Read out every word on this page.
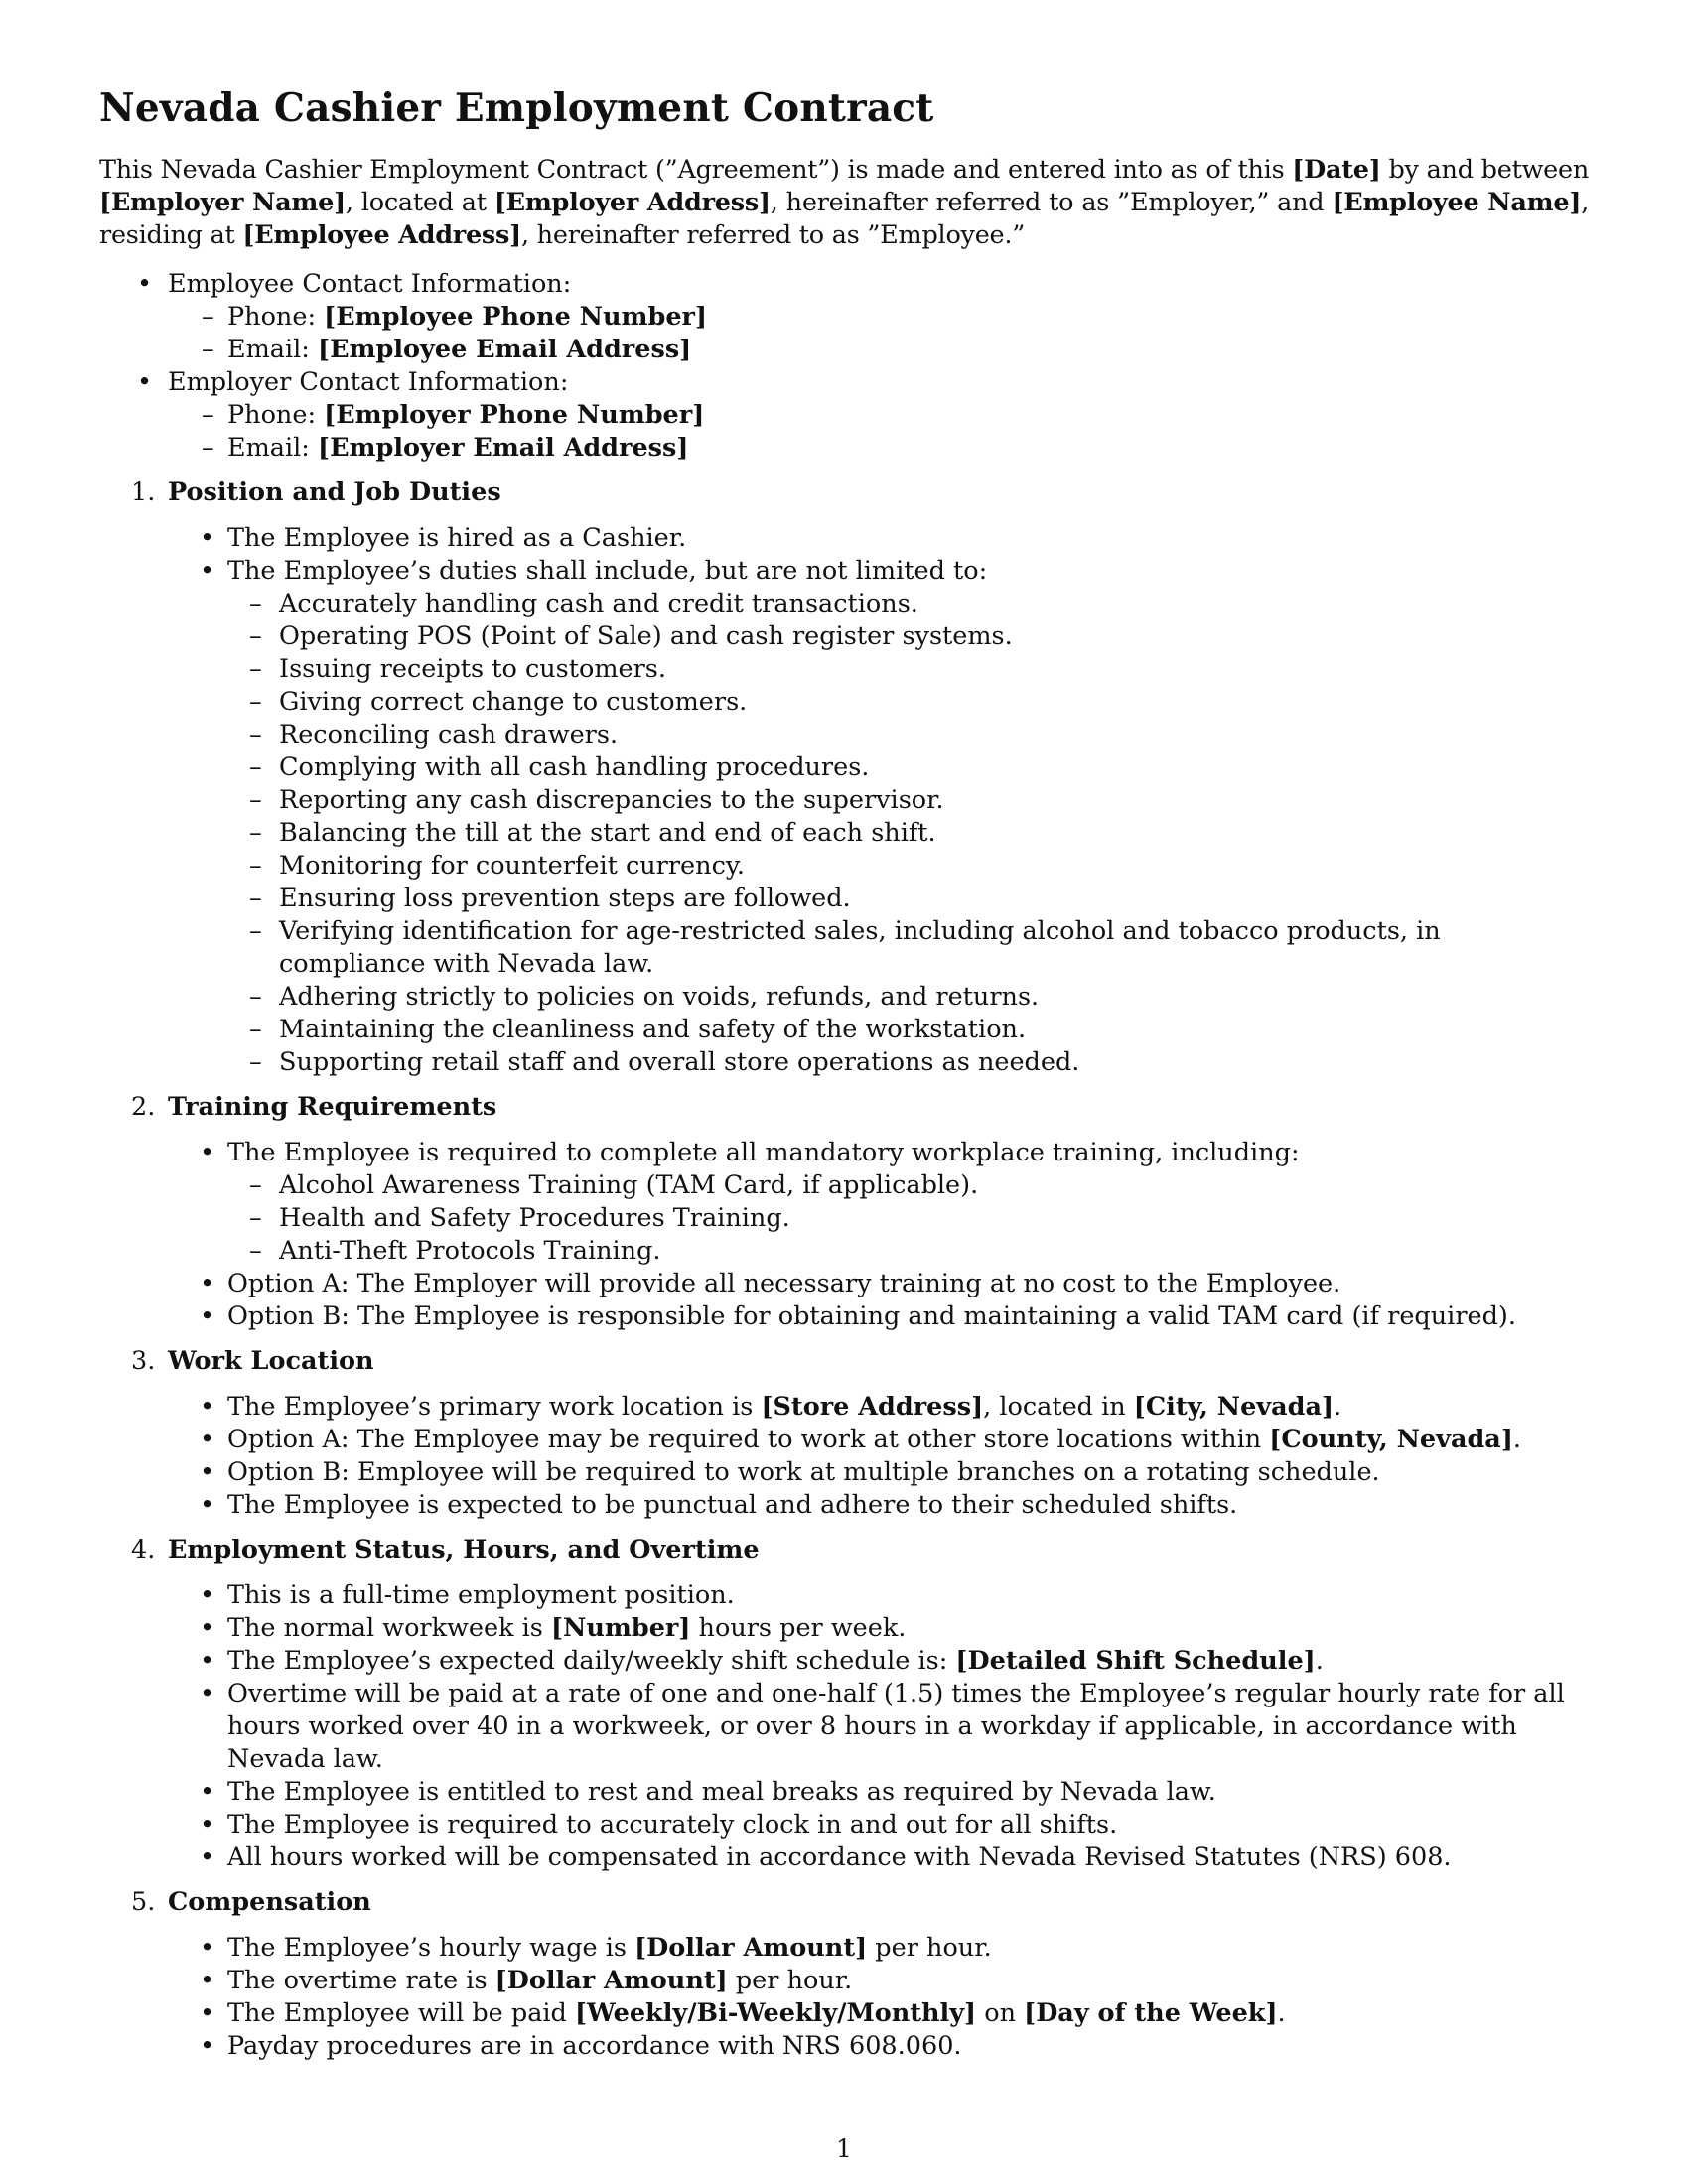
Nevada Cashier Employment Contract

This Nevada Cashier Employment Contract (”Agreement”) is made and entered into as of this [Date] by and between [Employer Name], located at [Employer Address], hereinafter referred to as ”Employer,” and [Employee Name], residing at [Employee Address], hereinafter referred to as ”Employee.”

• Employee Contact Information:
– Phone: [Employee Phone Number]
– Email: [Employee Email Address]
• Employer Contact Information:
– Phone: [Employer Phone Number]
– Email: [Employer Email Address]
1. Position and Job Duties
• The Employee is hired as a Cashier.
• The Employee’s duties shall include, but are not limited to:
– Accurately handling cash and credit transactions.
– Operating POS (Point of Sale) and cash register systems.
– Issuing receipts to customers.
– Giving correct change to customers.
– Reconciling cash drawers.
– Complying with all cash handling procedures.
– Reporting any cash discrepancies to the supervisor.
– Balancing the till at the start and end of each shift.
– Monitoring for counterfeit currency.
– Ensuring loss prevention steps are followed.
– Verifying identification for age-restricted sales, including alcohol and tobacco products, in compliance with Nevada law.
– Adhering strictly to policies on voids, refunds, and returns.
– Maintaining the cleanliness and safety of the workstation.
– Supporting retail staff and overall store operations as needed.
2. Training Requirements
• The Employee is required to complete all mandatory workplace training, including:
– Alcohol Awareness Training (TAM Card, if applicable).
– Health and Safety Procedures Training.
– Anti-Theft Protocols Training.
• Option A: The Employer will provide all necessary training at no cost to the Employee.
• Option B: The Employee is responsible for obtaining and maintaining a valid TAM card (if required).
3. Work Location
• The Employee’s primary work location is [Store Address], located in [City, Nevada].
• Option A: The Employee may be required to work at other store locations within [County, Nevada].
• Option B: Employee will be required to work at multiple branches on a rotating schedule.
• The Employee is expected to be punctual and adhere to their scheduled shifts.
4. Employment Status, Hours, and Overtime
• This is a full-time employment position.
• The normal workweek is [Number] hours per week.
• The Employee’s expected daily/weekly shift schedule is: [Detailed Shift Schedule].
• Overtime will be paid at a rate of one and one-half (1.5) times the Employee’s regular hourly rate for all hours worked over 40 in a workweek, or over 8 hours in a workday if applicable, in accordance with Nevada law.
• The Employee is entitled to rest and meal breaks as required by Nevada law.
• The Employee is required to accurately clock in and out for all shifts.
• All hours worked will be compensated in accordance with Nevada Revised Statutes (NRS) 608.
5. Compensation
• The Employee’s hourly wage is [Dollar Amount] per hour.
• The overtime rate is [Dollar Amount] per hour.
• The Employee will be paid [Weekly/Bi-Weekly/Monthly] on [Day of the Week].
• Payday procedures are in accordance with NRS 608.060.
1
